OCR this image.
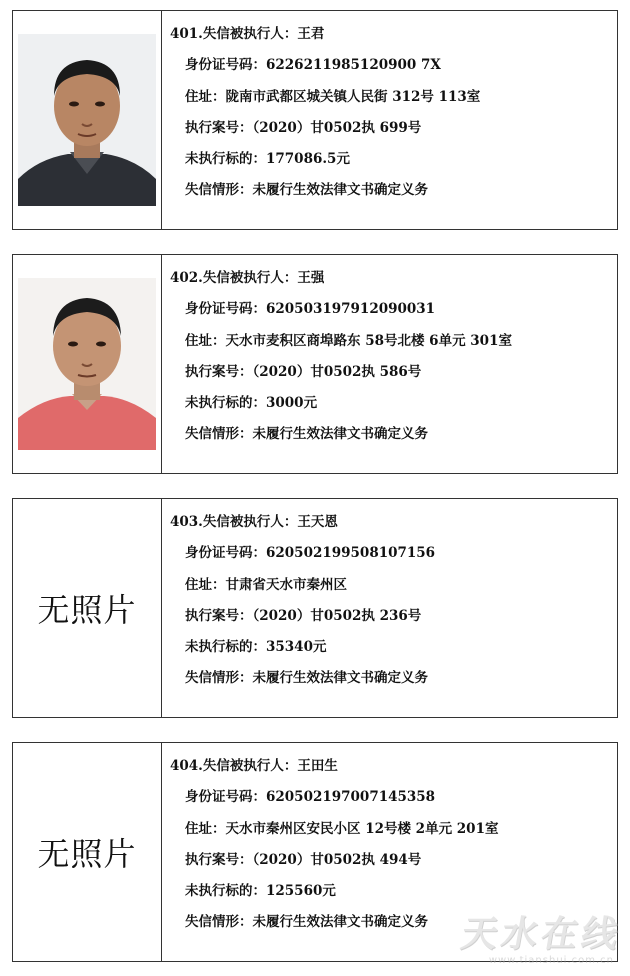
401.失信被执行人：王君
身份证号码：6226211985120900 7X
住址：陇南市武都区城关镇人民街 312号 113室
执行案号：（2020）甘0502执 699号
未执行标的：177086.5元
失信情形：未履行生效法律文书确定义务
402.失信被执行人：王强
身份证号码：620503197912090031
住址：天水市麦积区商埠路东 58号北楼 6单元 301室
执行案号：（2020）甘0502执 586号
未执行标的：3000元
失信情形：未履行生效法律文书确定义务
无照片
403.失信被执行人：王天恩
身份证号码：620502199508107156
住址：甘肃省天水市秦州区
执行案号：（2020）甘0502执 236号
未执行标的：35340元
失信情形：未履行生效法律文书确定义务
无照片
404.失信被执行人：王田生
身份证号码：620502197007145358
住址：天水市秦州区安民小区 12号楼 2单元 201室
执行案号：（2020）甘0502执 494号
未执行标的：125560元
失信情形：未履行生效法律文书确定义务 天水在线
www.tianshui.com.cn
